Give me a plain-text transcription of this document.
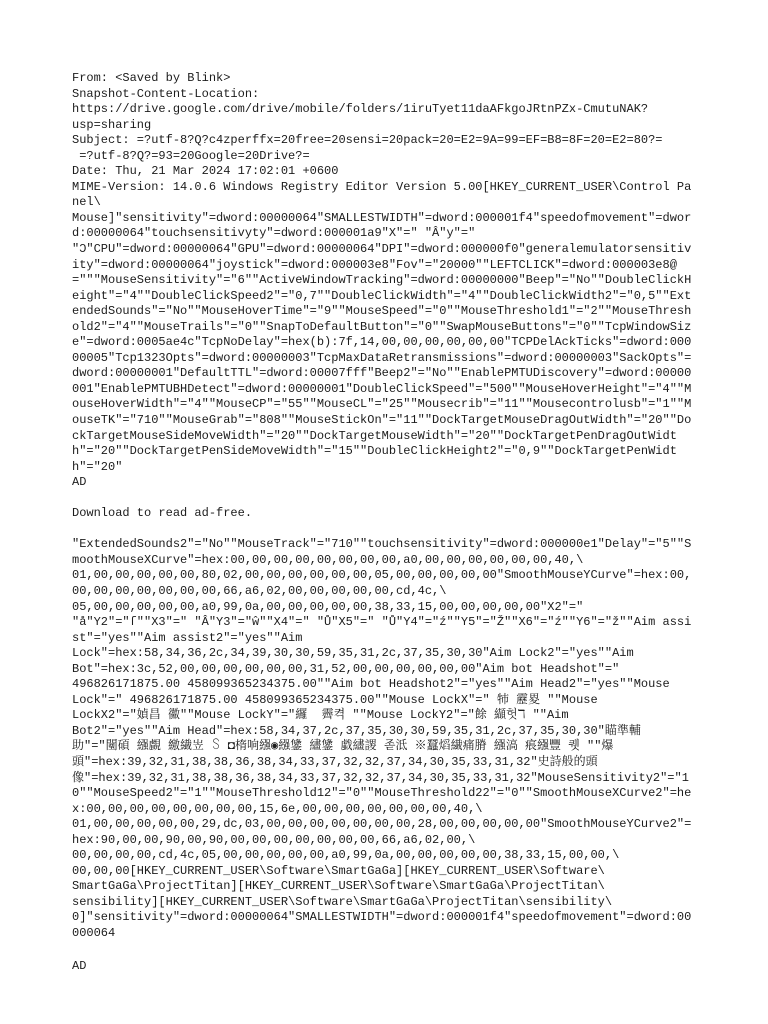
From: <Saved by Blink>
Snapshot-Content-Location:
https://drive.google.com/drive/mobile/folders/1iruTyet11daAFkgoJRtnPZx-CmutuNAK?
usp=sharing
Subject: =?utf-8?Q?c4zperffx=20free=20sensi=20pack=20=E2=9A=99=EF=B8=8F=20=E2=80?=
=?utf-8?Q?=93=20Google=20Drive?=
Date: Thu, 21 Mar 2024 17:02:01 +0600
MIME-Version: 14.0.6 Windows Registry Editor Version 5.00[HKEY_CURRENT_USER\Control Panel\
Mouse]"sensitivity"=dword:00000064"SMALLESTWIDTH"=dword:000001f4"speedofmovement"=dword:00000064"touchsensitivyty"=dword:000001a9"X"=" "Â"y"="
"Ɔ"CPU"=dword:00000064"GPU"=dword:00000064"DPI"=dword:000000f0"generalemulatorsensitivity"=dword:00000064"joystick"=dword:000003e8"Fov"="20000""LEFTCLICK"=dword:000003e8@="""MouseSensitivity"="6""ActiveWindowTracking"=dword:00000000"Beep"="No""DoubleClickHeight"="4""DoubleClickSpeed2"="0,7""DoubleClickWidth"="4""DoubleClickWidth2"="0,5""ExtendedSounds"="No""MouseHoverTime"="9""MouseSpeed"="0""MouseThreshold1"="2""MouseThreshold2"="4""MouseTrails"="0""SnapToDefaultButton"="0""SwapMouseButtons"="0""TcpWindowSize"=dword:0005ae4c"TcpNoDelay"=hex(b):7f,14,00,00,00,00,00,00"TCPDelAckTicks"=dword:00000005"Tcp1323Opts"=dword:00000003"TcpMaxDataRetransmissions"=dword:00000003"SackOpts"=dword:00000001"DefaultTTL"=dword:00007fff"Beep2"="No""EnablePMTUDiscovery"=dword:00000001"EnablePMTUBHDetect"=dword:00000001"DoubleClickSpeed"="500""MouseHoverHeight"="4""MouseHoverWidth"="4""MouseCP"="55""MouseCL"="25""Mousecrib"="11""Mousecontrolusb"="1""MouseTK"="710""MouseGrab"="808""MouseStickOn"="11""DockTargetMouseDragOutWidth"="20""DockTargetMouseSideMoveWidth"="20""DockTargetMouseWidth"="20""DockTargetPenDragOutWidth"="20""DockTargetPenSideMoveWidth"="15""DoubleClickHeight2"="0,9""DockTargetPenWidth"="20"
AD
Download to read ad-free.
"ExtendedSounds2"="No""MouseTrack"="710""touchsensitivity"=dword:000000e1"Delay"="5""SmoothMouseXCurve"=hex:00,00,00,00,00,00,00,00,a0,00,00,00,00,00,00,40,\
01,00,00,00,00,00,80,02,00,00,00,00,00,00,05,00,00,00,00,00"SmoothMouseYCurve"=hex:00,00,00,00,00,00,00,00,66,a6,02,00,00,00,00,00,cd,4c,\
05,00,00,00,00,00,a0,99,0a,00,00,00,00,00,38,33,15,00,00,00,00,00"X2"="
"å"Y2"="ſ""X3"=" "Â"Y3"="ŵ""X4"=" "Ů"X5"=" "Ů"Y4"="ź""Y5"="Ž""X6"="ź""Y6"="ž""Aim assist"="yes""Aim assist2"="yes""Aim
Lock"=hex:58,34,36,2c,34,39,30,30,59,35,31,2c,37,35,30,30"Aim Lock2"="yes""Aim
Bot"=hex:3c,52,00,00,00,00,00,00,31,52,00,00,00,00,00,00"Aim bot Headshot"="
496826171875.00 458099365234375.00""Aim bot Headshot2"="yes""Aim Head2"="yes""Mouse
Lock"=" 496826171875.00 458099365234375.00""Mouse LockX"=" 㸬 靂畟 ""Mouse
LockX2"="媜昌 鰴""Mouse LockY"="纙  霽켝 ""Mouse LockY2"="餘 纈헛ℸ ""Aim
Bot2"="yes""Aim Head"=hex:58,34,37,2c,37,35,30,30,59,35,31,2c,37,35,30,30"瞄準輔
助"="闉碩 繦覰 繳繊岦 ꒚ ◘楕响繦◉繦鎥 繣鎥 戱繣謖 졷泜 ※蠶熖繊痛膌 繦滈 痮繦豐 퀫 ""爆
頭"=hex:39,32,31,38,38,36,38,34,33,37,32,32,37,34,30,35,33,31,32"史詩般的頭
像"=hex:39,32,31,38,38,36,38,34,33,37,32,32,37,34,30,35,33,31,32"MouseSensitivity2"="10""MouseSpeed2"="1""MouseThreshold12"="0""MouseThreshold22"="0""SmoothMouseXCurve2"=hex:00,00,00,00,00,00,00,00,15,6e,00,00,00,00,00,00,00,40,\
01,00,00,00,00,00,29,dc,03,00,00,00,00,00,00,00,28,00,00,00,00,00"SmoothMouseYCurve2"=hex:90,00,00,90,00,90,00,00,00,00,00,00,00,66,a6,02,00,\
00,00,00,00,cd,4c,05,00,00,00,00,00,a0,99,0a,00,00,00,00,00,38,33,15,00,00,\
00,00,00[HKEY_CURRENT_USER\Software\SmartGaGa][HKEY_CURRENT_USER\Software\
SmartGaGa\ProjectTitan][HKEY_CURRENT_USER\Software\SmartGaGa\ProjectTitan\
sensibility][HKEY_CURRENT_USER\Software\SmartGaGa\ProjectTitan\sensibility\
0]"sensitivity"=dword:00000064"SMALLESTWIDTH"=dword:000001f4"speedofmovement"=dword:00000064
AD
